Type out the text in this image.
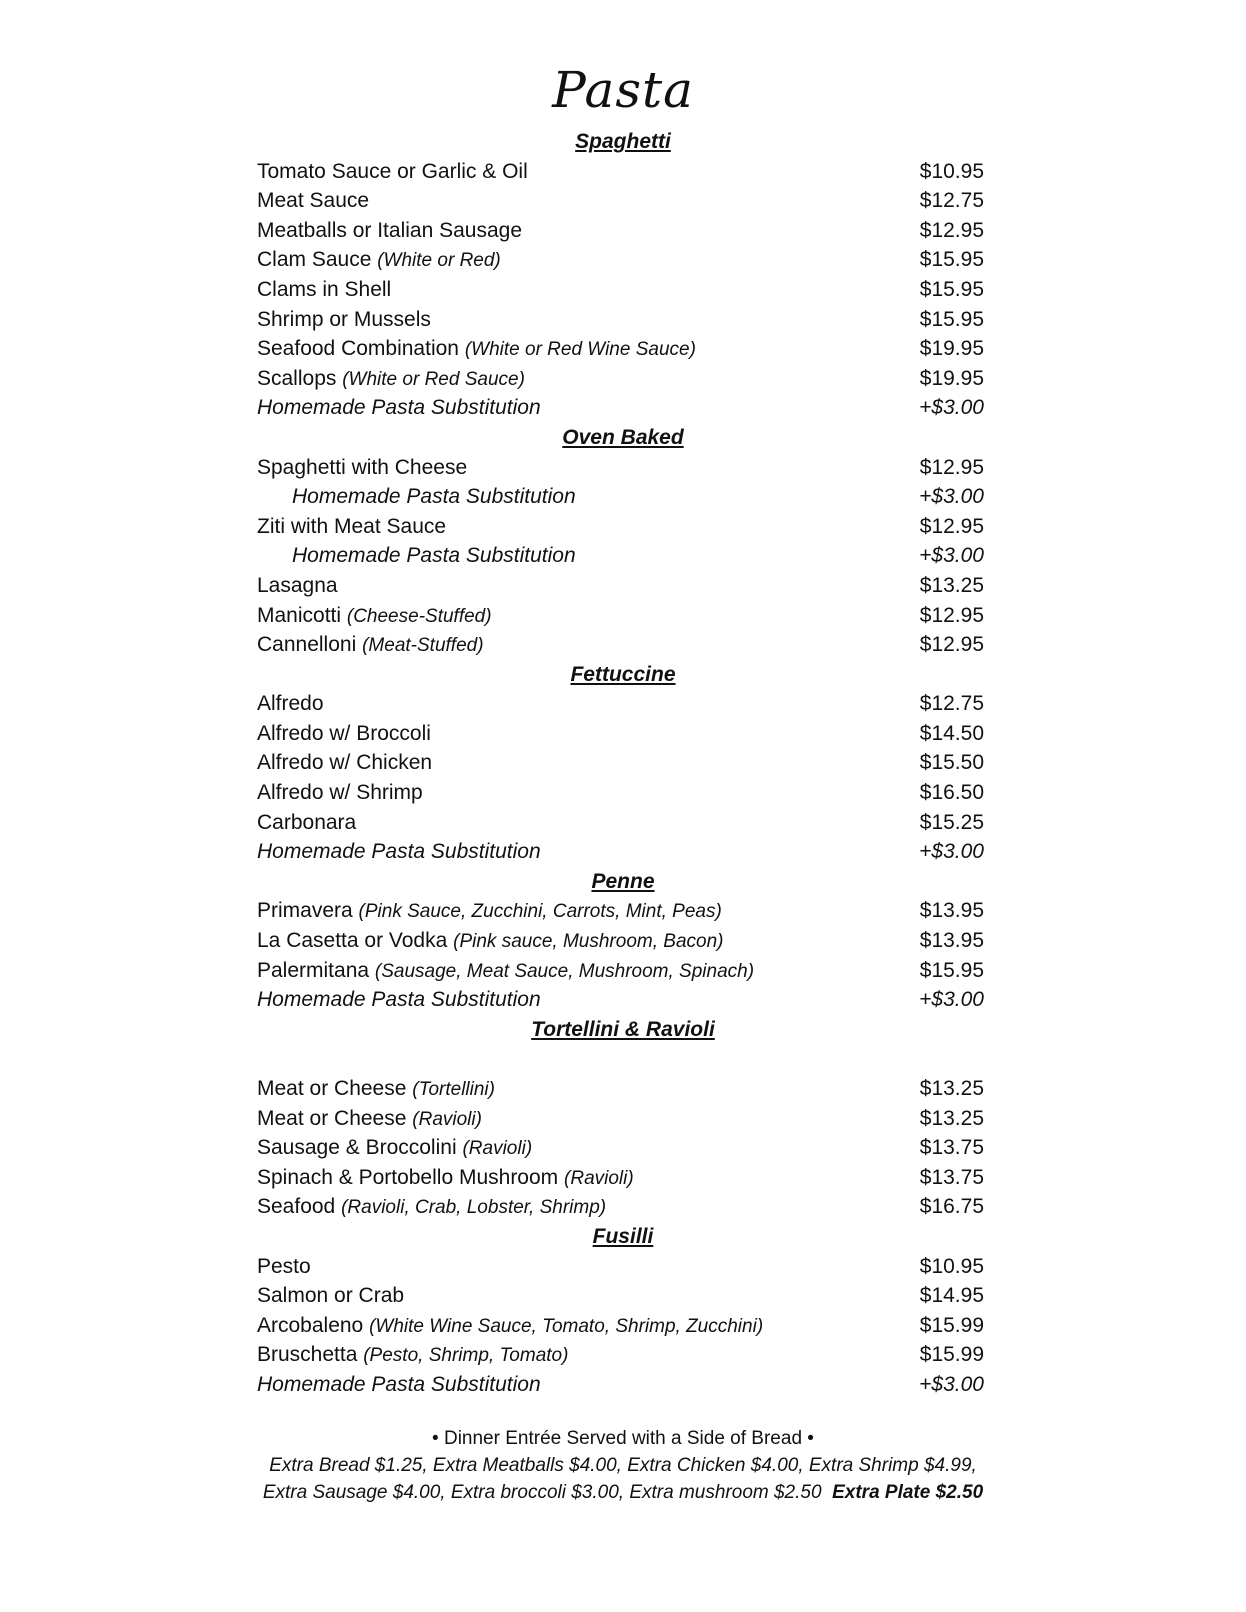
Pasta
Spaghetti
Tomato Sauce or Garlic & Oil	$10.95
Meat Sauce	$12.75
Meatballs or Italian Sausage	$12.95
Clam Sauce (White or Red)	$15.95
Clams in Shell	$15.95
Shrimp or Mussels	$15.95
Seafood Combination (White or Red Wine Sauce)	$19.95
Scallops (White or Red Sauce)	$19.95
Homemade Pasta Substitution	+$3.00
Oven Baked
Spaghetti with Cheese	$12.95
Homemade Pasta Substitution	+$3.00
Ziti with Meat Sauce	$12.95
Homemade Pasta Substitution	+$3.00
Lasagna	$13.25
Manicotti (Cheese-Stuffed)	$12.95
Cannelloni (Meat-Stuffed)	$12.95
Fettuccine
Alfredo	$12.75
Alfredo w/ Broccoli	$14.50
Alfredo w/ Chicken	$15.50
Alfredo w/ Shrimp	$16.50
Carbonara	$15.25
Homemade Pasta Substitution	+$3.00
Penne
Primavera (Pink Sauce, Zucchini, Carrots, Mint, Peas)	$13.95
La Casetta or Vodka (Pink sauce, Mushroom, Bacon)	$13.95
Palermitana (Sausage, Meat Sauce, Mushroom, Spinach)	$15.95
Homemade Pasta Substitution	+$3.00
Tortellini & Ravioli
Meat or Cheese (Tortellini)	$13.25
Meat or Cheese (Ravioli)	$13.25
Sausage & Broccolini (Ravioli)	$13.75
Spinach & Portobello Mushroom (Ravioli)	$13.75
Seafood (Ravioli, Crab, Lobster, Shrimp)	$16.75
Fusilli
Pesto	$10.95
Salmon or Crab	$14.95
Arcobaleno (White Wine Sauce, Tomato, Shrimp, Zucchini)	$15.99
Bruschetta (Pesto, Shrimp, Tomato)	$15.99
Homemade Pasta Substitution	+$3.00
• Dinner Entrée Served with a Side of Bread •
Extra Bread $1.25, Extra Meatballs $4.00, Extra Chicken $4.00, Extra Shrimp $4.99,
Extra Sausage $4.00, Extra broccoli $3.00, Extra mushroom $2.50 Extra Plate $2.50
